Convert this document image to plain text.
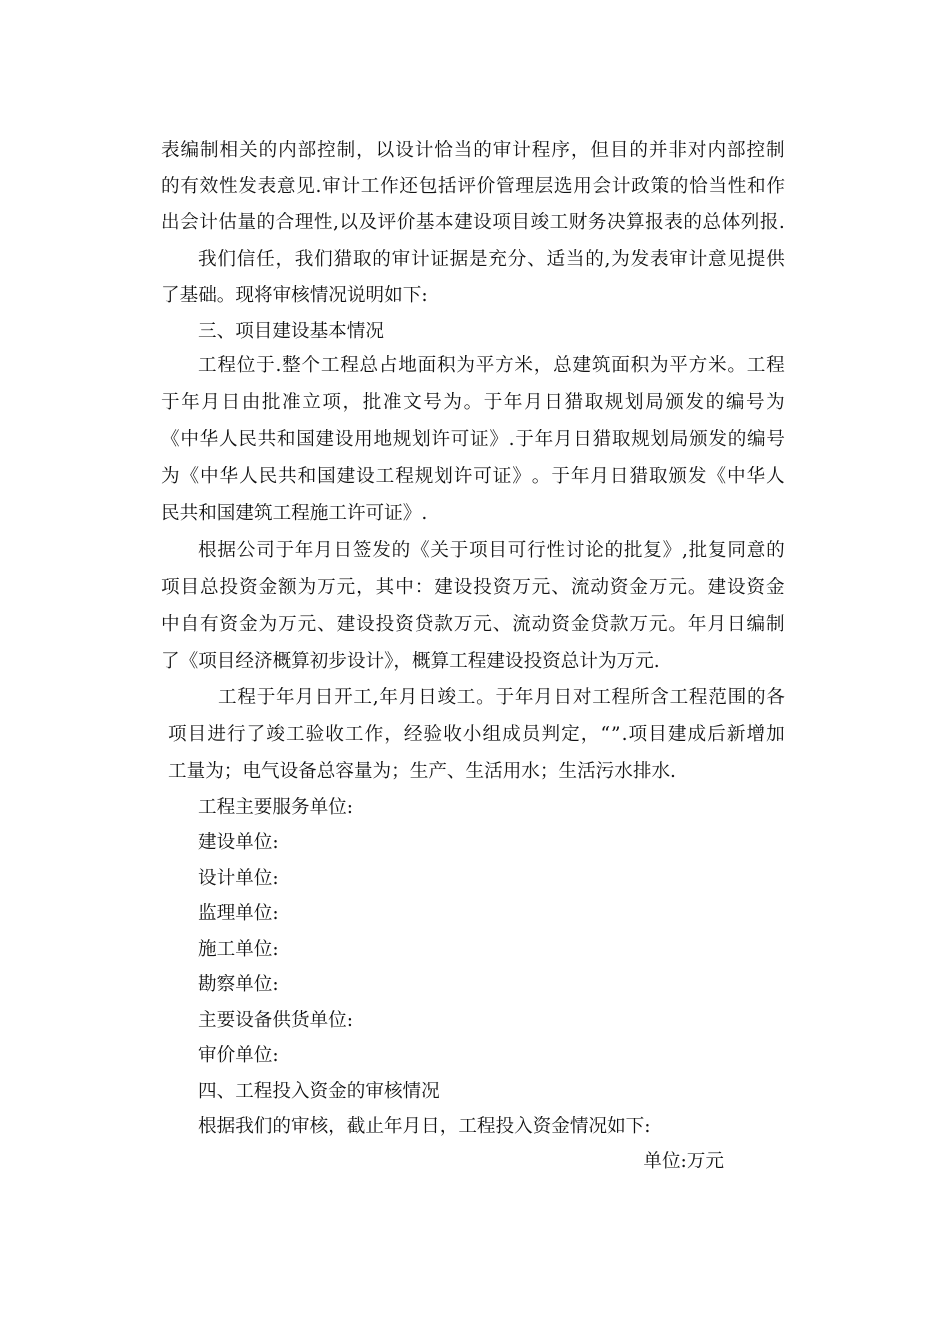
表 编 制 相 关 的 内 部 控 制 ， 以 设 计 恰 当 的 审 计 程 序 ， 但 目 的 并 非 对 内 部 控 制
的 有 效 性 发 表 意 见 . 审 计 工 作 还 包 括 评 价 管 理 层 选 用 会 计 政 策 的 恰 当 性 和 作
出 会 计 估 量 的 合 理 性 , 以 及 评 价 基 本 建 设 项 目 竣 工 财 务 决 算 报 表 的 总 体 列 报 .
我 们 信 任 ， 我 们 猎 取 的 审 计 证 据 是 充 分 、 适 当 的 , 为 发 表 审 计 意 见 提 供
了基础。现将审核情况说明如下:
三、项目建设基本情况
工 程 位 于 . 整 个 工 程 总 占 地 面 积 为 平 方 米 ， 总 建 筑 面 积 为 平 方 米 。 工 程
于 年 月 日 由 批 准 立 项 ， 批 准 文 号 为 。 于 年 月 日 猎 取 规 划 局 颁 发 的 编 号 为
《 中 华 人 民 共 和 国 建 设 用 地 规 划 许 可 证 》 . 于 年 月 日 猎 取 规 划 局 颁 发 的 编 号
为 《 中 华 人 民 共 和 国 建 设 工 程 规 划 许 可 证 》 。 于 年 月 日 猎 取 颁 发 《 中 华 人
民共和国建筑工程施工许可证》.
根 据 公 司 于 年 月 日 签 发 的 《 关 于 项 目 可 行 性 讨 论 的 批 复 》 , 批 复 同 意 的
项 目 总 投 资 金 额 为 万 元 ， 其 中 ： 建 设 投 资 万 元 、 流 动 资 金 万 元 。 建 设 资 金
中 自 有 资 金 为 万 元 、 建 设 投 资 贷 款 万 元 、 流 动 资 金 贷 款 万 元 。 年 月 日 编 制
了《项目经济概算初步设计》，概算工程建设投资总计为万元.
工 程 于 年 月 日 开 工 , 年 月 日 竣 工 。 于 年 月 日 对 工 程 所 含 工 程 范 围 的 各
项 目 进 行 了 竣 工 验 收 工 作 ， 经 验 收 小 组 成 员 判 定 ， “ ” . 项 目 建 成 后 新 增 加
工量为；电气设备总容量为；生产、生活用水；生活污水排水.
工程主要服务单位:
建设单位:
设计单位:
监理单位:
施工单位:
勘察单位:
主要设备供货单位:
审价单位:
四、工程投入资金的审核情况
根据我们的审核，截止年月日，工程投入资金情况如下:
单位:万元
